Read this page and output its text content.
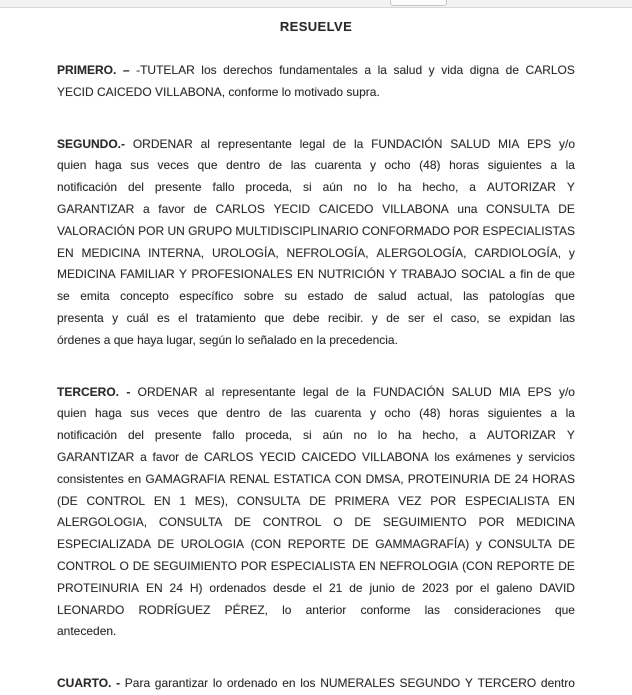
RESUELVE
PRIMERO. – -TUTELAR los derechos fundamentales a la salud y vida digna de CARLOS
YECID CAICEDO VILLABONA, conforme lo motivado supra.
SEGUNDO.- ORDENAR al representante legal de la FUNDACIÓN SALUD MIA EPS y/o
quien haga sus veces que dentro de las cuarenta y ocho (48) horas siguientes a la
notificación del presente fallo proceda, si aún no lo ha hecho, a AUTORIZAR Y
GARANTIZAR a favor de CARLOS YECID CAICEDO VILLABONA una CONSULTA DE
VALORACIÓN POR UN GRUPO MULTIDISCIPLINARIO CONFORMADO POR ESPECIALISTAS
EN MEDICINA INTERNA, UROLOGÍA, NEFROLOGÍA, ALERGOLOGÍA, CARDIOLOGÍA, y
MEDICINA FAMILIAR Y PROFESIONALES EN NUTRICIÓN Y TRABAJO SOCIAL a fin de que
se emita concepto específico sobre su estado de salud actual, las patologías que
presenta y cuál es el tratamiento que debe recibir. y de ser el caso, se expidan las
órdenes a que haya lugar, según lo señalado en la precedencia.
TERCERO. - ORDENAR al representante legal de la FUNDACIÓN SALUD MIA EPS y/o
quien haga sus veces que dentro de las cuarenta y ocho (48) horas siguientes a la
notificación del presente fallo proceda, si aún no lo ha hecho, a AUTORIZAR Y
GARANTIZAR a favor de CARLOS YECID CAICEDO VILLABONA los exámenes y servicios
consistentes en GAMAGRAFIA RENAL ESTATICA CON DMSA, PROTEINURIA DE 24 HORAS
(DE CONTROL EN 1 MES), CONSULTA DE PRIMERA VEZ POR ESPECIALISTA EN
ALERGOLOGIA, CONSULTA DE CONTROL O DE SEGUIMIENTO POR MEDICINA
ESPECIALIZADA DE UROLOGIA (CON REPORTE DE GAMMAGRAFÍA) y CONSULTA DE
CONTROL O DE SEGUIMIENTO POR ESPECIALISTA EN NEFROLOGIA (CON REPORTE DE
PROTEINURIA EN 24 H) ordenados desde el 21 de junio de 2023 por el galeno DAVID
LEONARDO RODRÍGUEZ PÉREZ, lo anterior conforme las consideraciones que
anteceden.
CUARTO. - Para garantizar lo ordenado en los NUMERALES SEGUNDO Y TERCERO dentro
